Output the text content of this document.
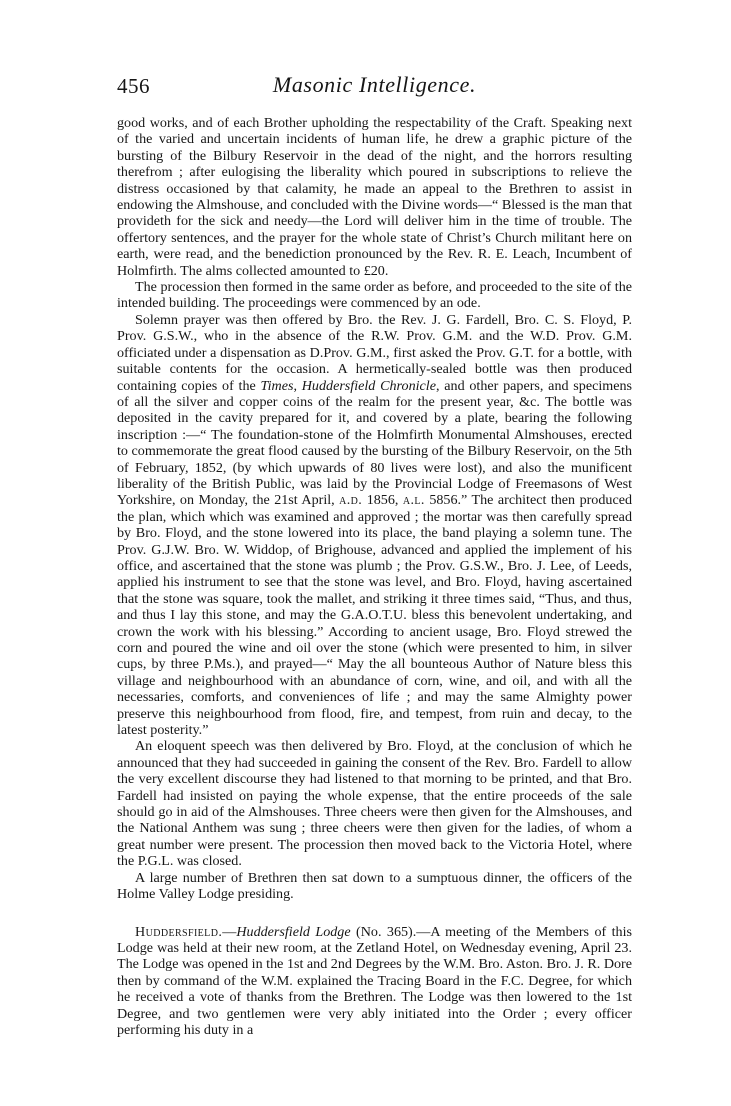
456	Masonic Intelligence.

good works, and of each Brother upholding the respectability of the Craft. Speaking next of the varied and uncertain incidents of human life, he drew a graphic picture of the bursting of the Bilbury Reservoir in the dead of the night, and the horrors resulting therefrom ; after eulogising the liberality which poured in subscriptions to relieve the distress occasioned by that calamity, he made an appeal to the Brethren to assist in endowing the Almshouse, and concluded with the Divine words—“ Blessed is the man that provideth for the sick and needy—the Lord will deliver him in the time of trouble. The offertory sentences, and the prayer for the whole state of Christ’s Church militant here on earth, were read, and the benediction pronounced by the Rev. R. E. Leach, Incumbent of Holmfirth. The alms collected amounted to £20.

The procession then formed in the same order as before, and proceeded to the site of the intended building. The proceedings were commenced by an ode.

Solemn prayer was then offered by Bro. the Rev. J. G. Fardell, Bro. C. S. Floyd, P. Prov. G.S.W., who in the absence of the R.W. Prov. G.M. and the W.D. Prov. G.M. officiated under a dispensation as D.Prov. G.M., first asked the Prov. G.T. for a bottle, with suitable contents for the occasion. A hermetically-sealed bottle was then produced containing copies of the Times, Huddersfield Chronicle, and other papers, and specimens of all the silver and copper coins of the realm for the present year, &c. The bottle was deposited in the cavity prepared for it, and covered by a plate, bearing the following inscription :—“ The foundation-stone of the Holmfirth Monumental Almshouses, erected to commemorate the great flood caused by the bursting of the Bilbury Reservoir, on the 5th of February, 1852, (by which upwards of 80 lives were lost), and also the munificent liberality of the British Public, was laid by the Provincial Lodge of Freemasons of West Yorkshire, on Monday, the 21st April, a.d. 1856, a.l. 5856.” The architect then produced the plan, which which was examined and approved ; the mortar was then carefully spread by Bro. Floyd, and the stone lowered into its place, the band playing a solemn tune. The Prov. G.J.W. Bro. W. Widdop, of Brighouse, advanced and applied the implement of his office, and ascertained that the stone was plumb ; the Prov. G.S.W., Bro. J. Lee, of Leeds, applied his instrument to see that the stone was level, and Bro. Floyd, having ascertained that the stone was square, took the mallet, and striking it three times said, “Thus, and thus, and thus I lay this stone, and may the G.A.O.T.U. bless this benevolent undertaking, and crown the work with his blessing.” According to ancient usage, Bro. Floyd strewed the corn and poured the wine and oil over the stone (which were presented to him, in silver cups, by three P.Ms.), and prayed—“ May the all bounteous Author of Nature bless this village and neighbourhood with an abundance of corn, wine, and oil, and with all the necessaries, comforts, and conveniences of life ; and may the same Almighty power preserve this neighbourhood from flood, fire, and tempest, from ruin and decay, to the latest posterity.”

An eloquent speech was then delivered by Bro. Floyd, at the conclusion of which he announced that they had succeeded in gaining the consent of the Rev. Bro. Fardell to allow the very excellent discourse they had listened to that morning to be printed, and that Bro. Fardell had insisted on paying the whole expense, that the entire proceeds of the sale should go in aid of the Almshouses. Three cheers were then given for the Almshouses, and the National Anthem was sung ; three cheers were then given for the ladies, of whom a great number were present. The procession then moved back to the Victoria Hotel, where the P.G.L. was closed.

A large number of Brethren then sat down to a sumptuous dinner, the officers of the Holme Valley Lodge presiding.

Huddersfield.—Huddersfield Lodge (No. 365).—A meeting of the Members of this Lodge was held at their new room, at the Zetland Hotel, on Wednesday evening, April 23. The Lodge was opened in the 1st and 2nd Degrees by the W.M. Bro. Aston. Bro. J. R. Dore then by command of the W.M. explained the Tracing Board in the F.C. Degree, for which he received a vote of thanks from the Brethren. The Lodge was then lowered to the 1st Degree, and two gentlemen were very ably initiated into the Order ; every officer performing his duty in a
